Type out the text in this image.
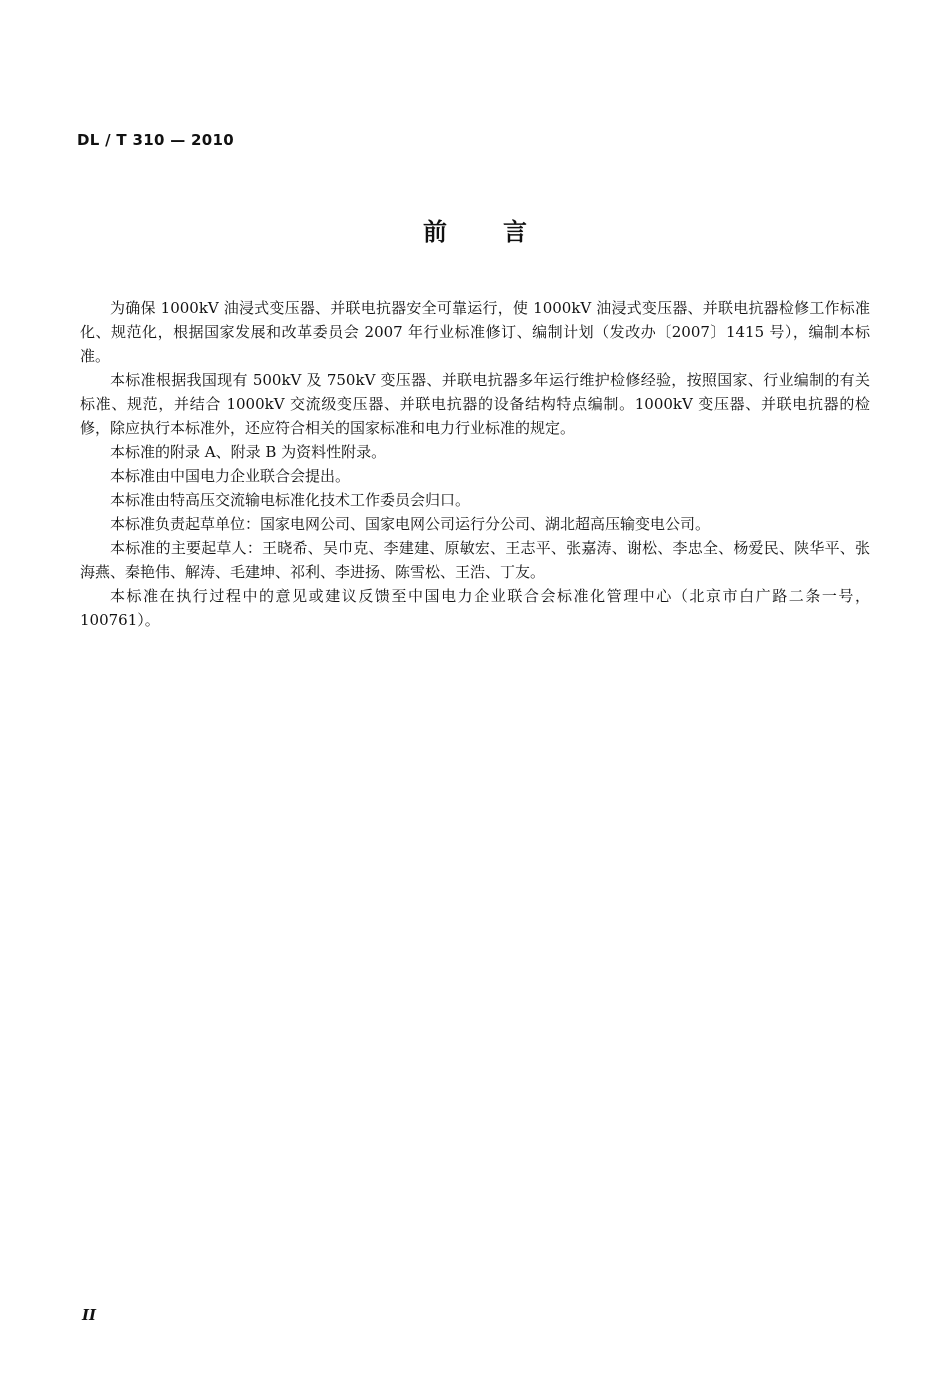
DL / T 310 — 2010
前言

为确保 1000kV 油浸式变压器、并联电抗器安全可靠运行，使 1000kV 油浸式变压器、并联电抗器检修工作标准化、规范化，根据国家发展和改革委员会 2007 年行业标准修订、编制计划（发改办〔2007〕1415 号），编制本标准。

本标准根据我国现有 500kV 及 750kV 变压器、并联电抗器多年运行维护检修经验，按照国家、行业编制的有关标准、规范，并结合 1000kV 交流级变压器、并联电抗器的设备结构特点编制。1000kV 变压器、并联电抗器的检修，除应执行本标准外，还应符合相关的国家标准和电力行业标准的规定。

本标准的附录 A、附录 B 为资料性附录。

本标准由中国电力企业联合会提出。

本标准由特高压交流输电标准化技术工作委员会归口。

本标准负责起草单位：国家电网公司、国家电网公司运行分公司、湖北超高压输变电公司。

本标准的主要起草人：王晓希、吴巾克、李建建、原敏宏、王志平、张嘉涛、谢松、李忠全、杨爱民、陕华平、张海燕、秦艳伟、解涛、毛建坤、祁利、李进扬、陈雪松、王浩、丁友。

本标准在执行过程中的意见或建议反馈至中国电力企业联合会标准化管理中心（北京市白广路二条一号，100761）。

II
